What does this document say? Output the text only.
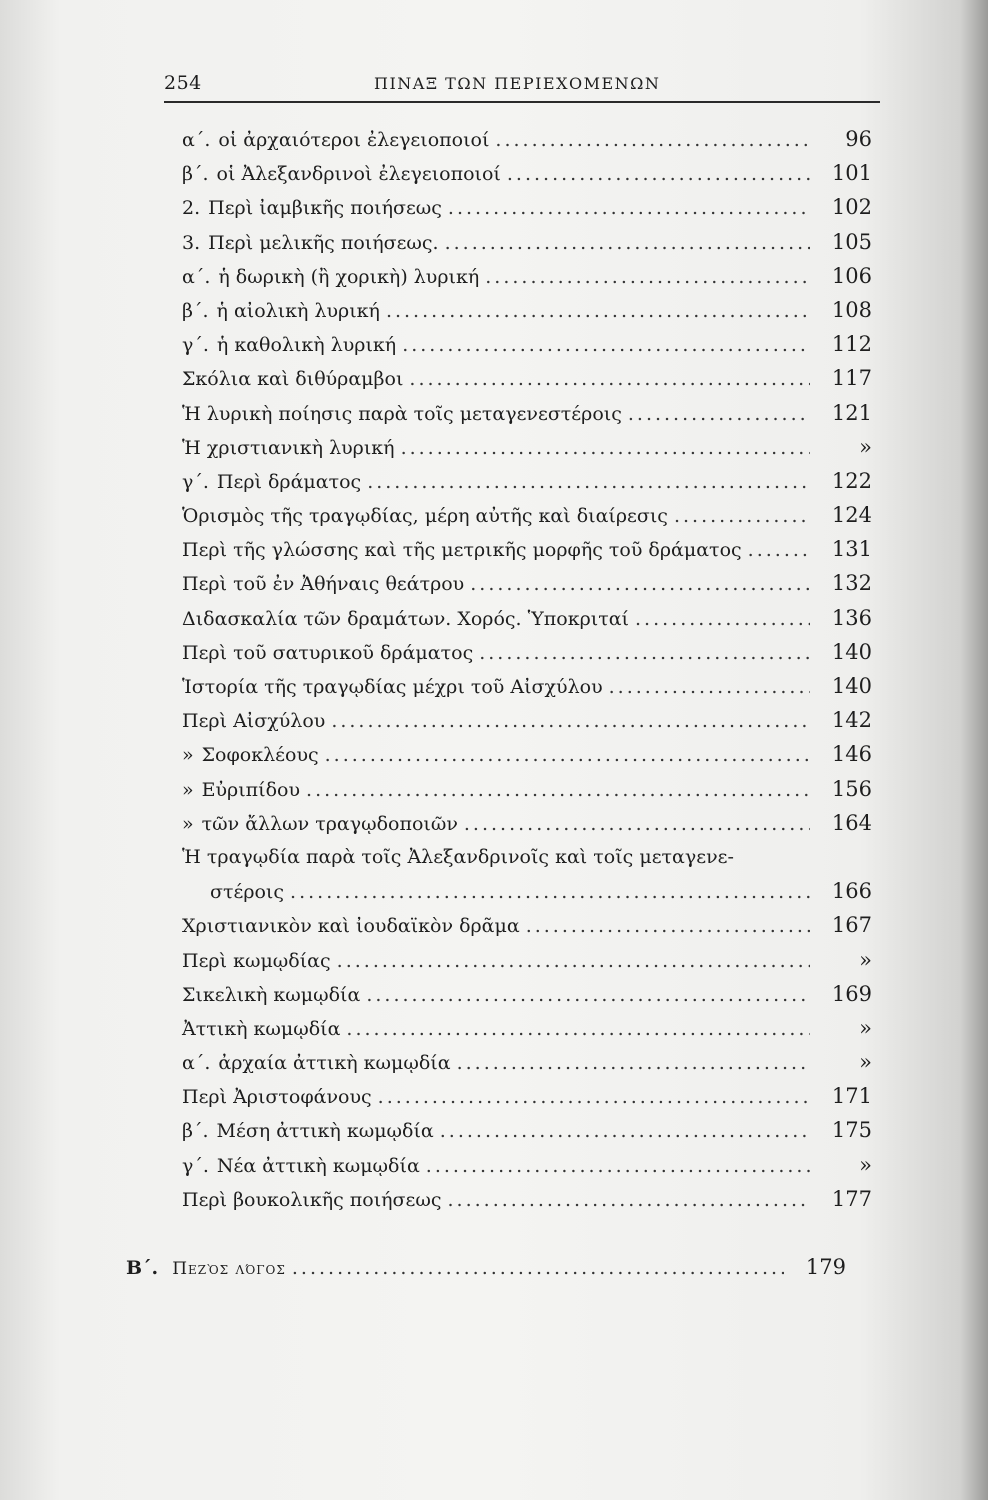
254	ΠΙΝΑΞ ΤΩΝ ΠΕΡΙΕΧΟΜΕΝΩΝ
α΄. οἱ ἀρχαιότεροι ἐλεγειοποιοί .....	96
β΄. οἱ Ἀλεξανδρινοὶ ἐλεγειοποιοί .....	101
2. Περὶ ἰαμβικῆς ποιήσεως .....	102
3. Περὶ μελικῆς ποιήσεως. .....	105
α΄. ἡ δωρικὴ (ἢ χορικὴ) λυρική .....	106
β΄. ἡ αἰολικὴ λυρική .....	108
γ΄. ἡ καθολικὴ λυρική .....	112
Σκόλια καὶ διθύραμβοι .....	117
Ἡ λυρικὴ ποίησις παρὰ τοῖς μεταγενεστέροις .....	121
Ἡ χριστιανικὴ λυρική .....	»
γ΄. Περὶ δράματος .....	122
Ὁρισμὸς τῆς τραγῳδίας, μέρη αὐτῆς καὶ διαίρεσις .....	124
Περὶ τῆς γλώσσης καὶ τῆς μετρικῆς μορφῆς τοῦ δράματος .....	131
Περὶ τοῦ ἐν Ἀθήναις θεάτρου .....	132
Διδασκαλία τῶν δραμάτων. Χορός. Ὑποκριταί .....	136
Περὶ τοῦ σατυρικοῦ δράματος .....	140
Ἱστορία τῆς τραγῳδίας μέχρι τοῦ Αἰσχύλου .....	140
Περὶ Αἰσχύλου .....	142
» Σοφοκλέους .....	146
» Εὐριπίδου .....	156
» τῶν ἄλλων τραγῳδοποιῶν .....	164
Ἡ τραγῳδία παρὰ τοῖς Ἀλεξανδρινοῖς καὶ τοῖς μεταγενε-
στέροις .....	166
Χριστιανικὸν καὶ ἰουδαϊκὸν δρᾶμα .....	167
Περὶ κωμῳδίας .....	»
Σικελικὴ κωμῳδία .....	169
Ἀττικὴ κωμῳδία .....	»
α΄. ἀρχαία ἀττικὴ κωμῳδία .....	»
Περὶ Ἀριστοφάνους .....	171
β΄. Μέση ἀττικὴ κωμῳδία .....	175
γ΄. Νέα ἀττικὴ κωμῳδία .....	»
Περὶ βουκολικῆς ποιήσεως .....	177
Β΄. Πεζὸς λόγος .....	179
